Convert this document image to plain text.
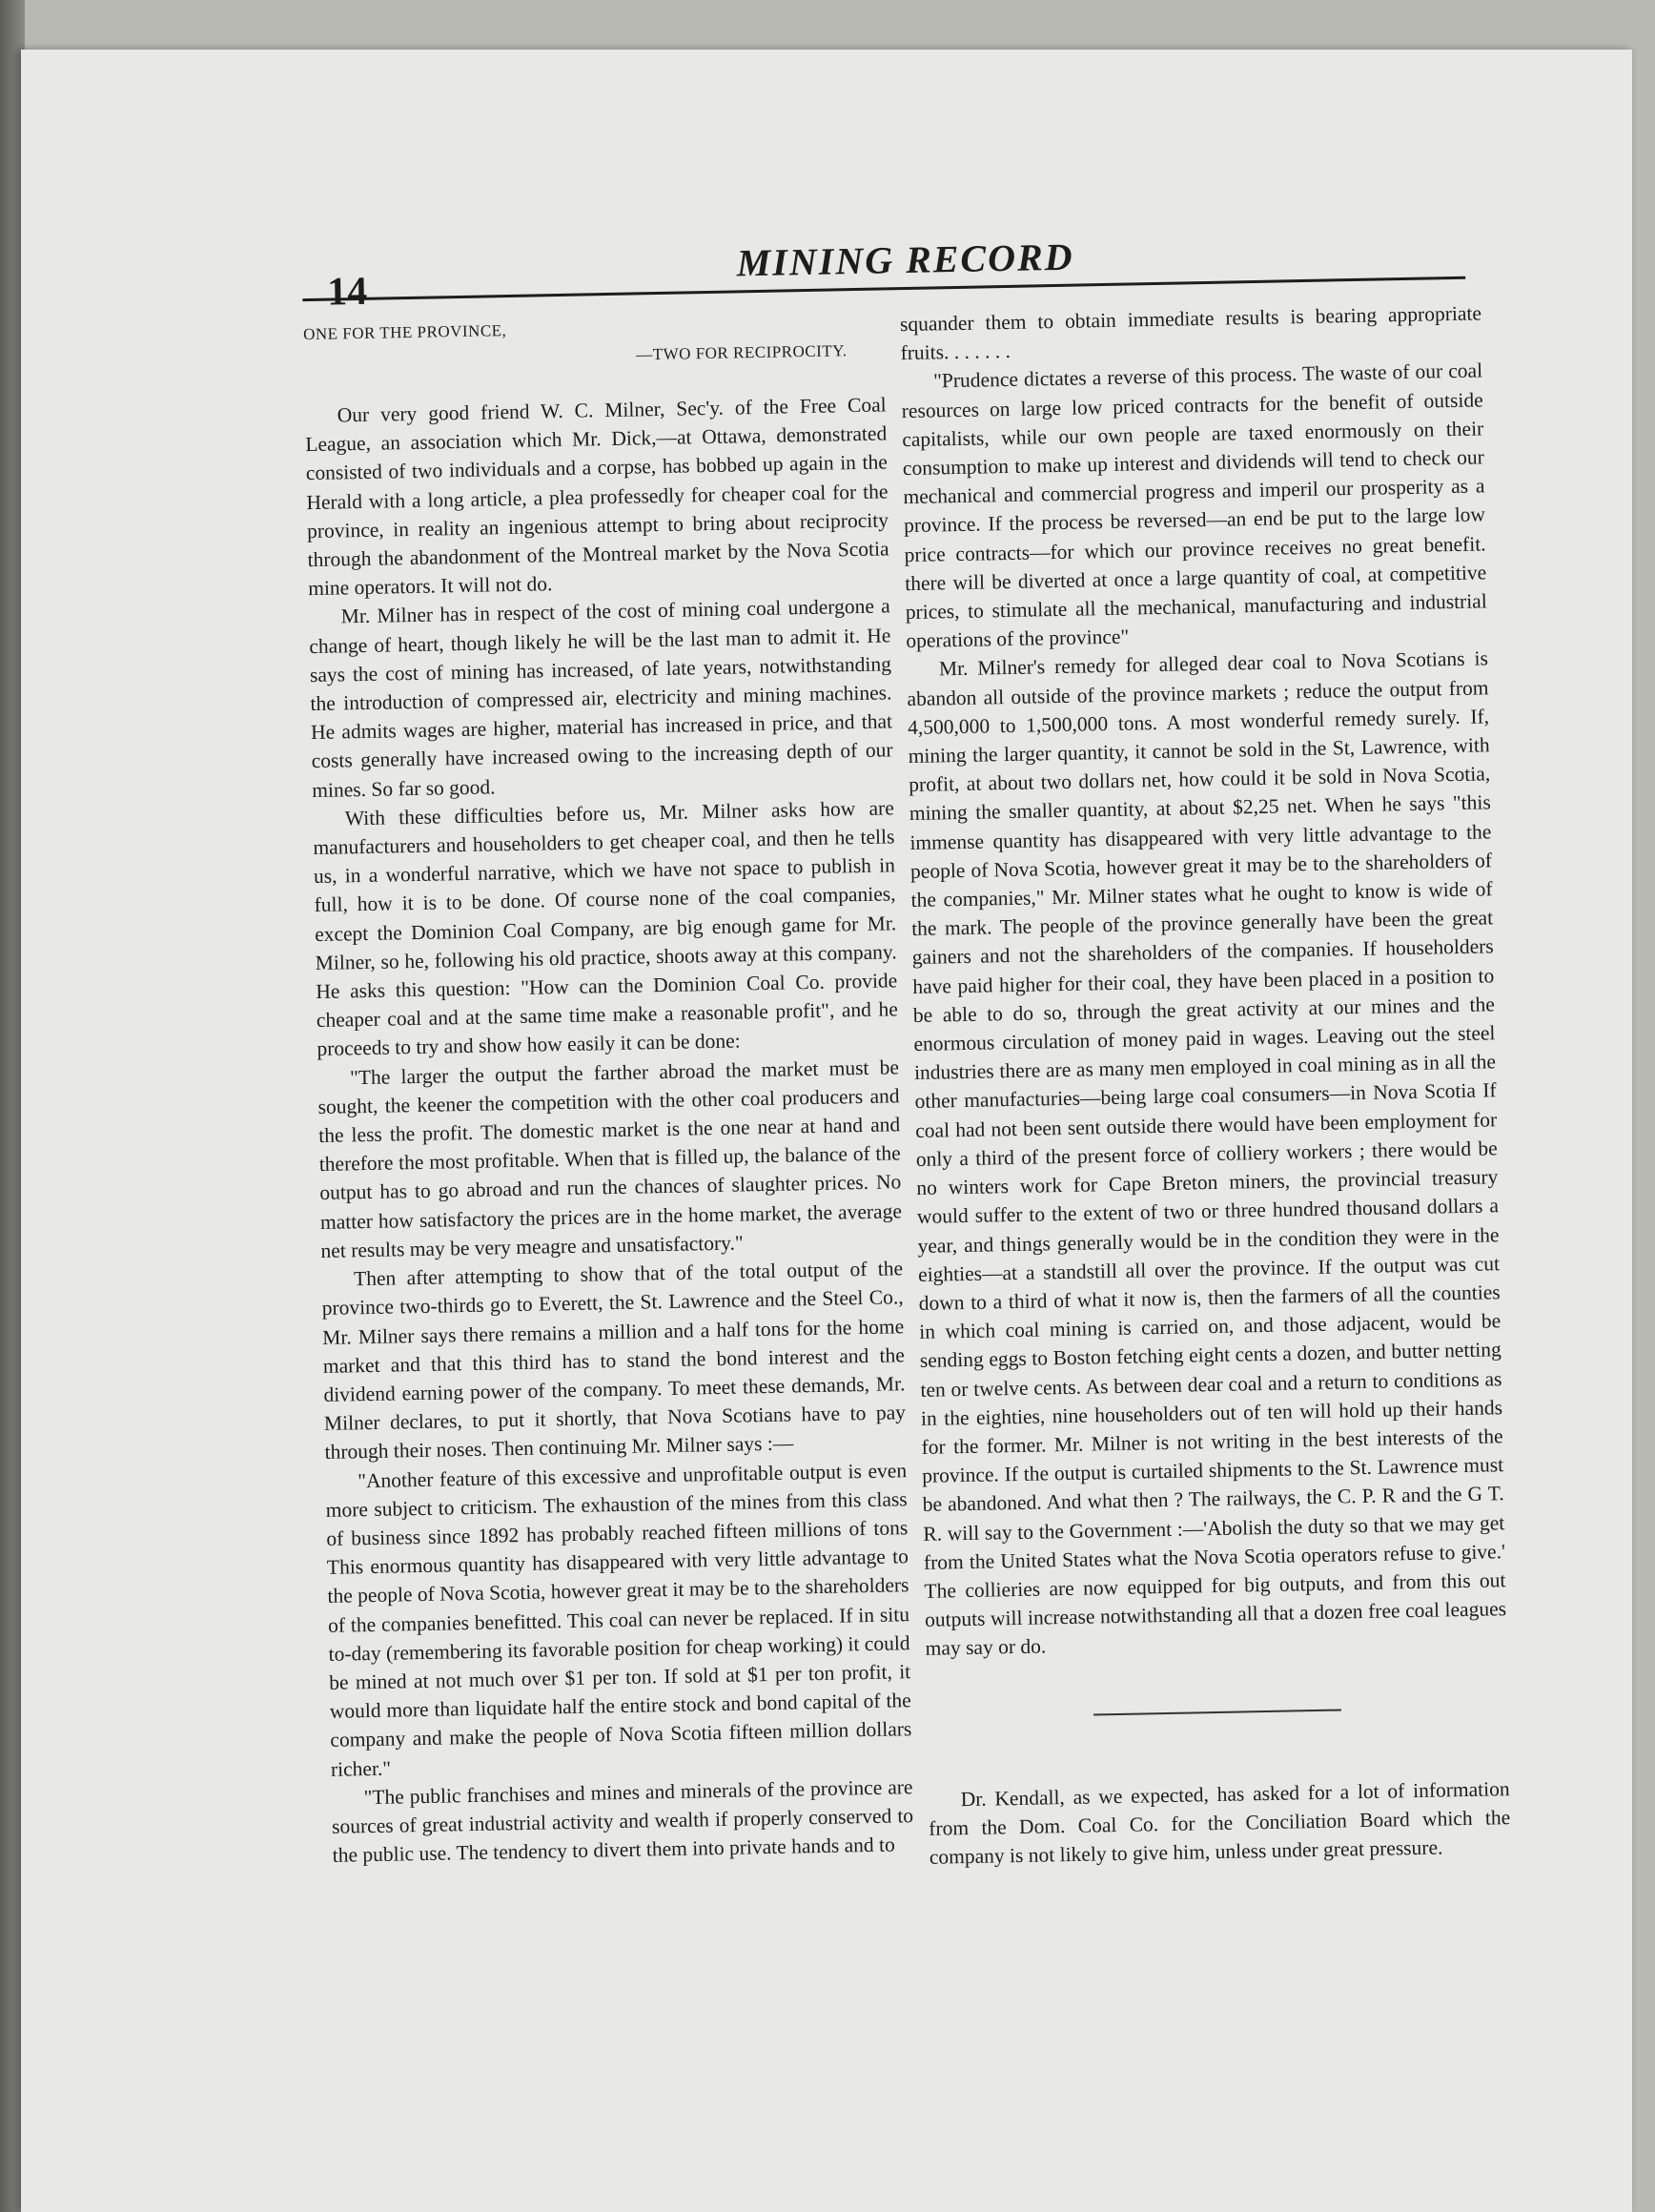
14
MINING RECORD
ONE FOR THE PROVINCE,
—TWO FOR RECIPROCITY.

Our very good friend W. C. Milner, Sec'y. of the Free Coal League, an association which Mr. Dick,—at Ottawa, demonstrated consisted of two individuals and a corpse, has bobbed up again in the Herald with a long article, a plea professedly for cheaper coal for the province, in reality an ingenious attempt to bring about reciprocity through the abandonment of the Montreal market by the Nova Scotia mine operators. It will not do.

Mr. Milner has in respect of the cost of mining coal undergone a change of heart, though likely he will be the last man to admit it. He says the cost of mining has increased, of late years, notwithstanding the introduction of compressed air, electricity and mining machines. He admits wages are higher, material has increased in price, and that costs generally have increased owing to the increasing depth of our mines. So far so good.

With these difficulties before us, Mr. Milner asks how are manufacturers and householders to get cheaper coal, and then he tells us, in a wonderful narrative, which we have not space to publish in full, how it is to be done. Of course none of the coal companies, except the Dominion Coal Company, are big enough game for Mr. Milner, so he, following his old practice, shoots away at this company. He asks this question: "How can the Dominion Coal Co. provide cheaper coal and at the same time make a reasonable profit", and he proceeds to try and show how easily it can be done:

"The larger the output the farther abroad the market must be sought, the keener the competition with the other coal producers and the less the profit. The domestic market is the one near at hand and therefore the most profitable. When that is filled up, the balance of the output has to go abroad and run the chances of slaughter prices. No matter how satisfactory the prices are in the home market, the average net results may be very meagre and unsatisfactory."

Then after attempting to show that of the total output of the province two-thirds go to Everett, the St. Lawrence and the Steel Co., Mr. Milner says there remains a million and a half tons for the home market and that this third has to stand the bond interest and the dividend earning power of the company. To meet these demands, Mr. Milner declares, to put it shortly, that Nova Scotians have to pay through their noses. Then continuing Mr. Milner says :—

"Another feature of this excessive and unprofitable output is even more subject to criticism. The exhaustion of the mines from this class of business since 1892 has probably reached fifteen millions of tons This enormous quantity has disappeared with very little advantage to the people of Nova Scotia, however great it may be to the shareholders of the companies benefitted. This coal can never be replaced. If in situ to-day (remembering its favorable position for cheap working) it could be mined at not much over $1 per ton. If sold at $1 per ton profit, it would more than liquidate half the entire stock and bond capital of the company and make the people of Nova Scotia fifteen million dollars richer."

"The public franchises and mines and minerals of the province are sources of great industrial activity and wealth if properly conserved to the public use. The tendency to divert them into private hands and to

squander them to obtain immediate results is bearing appropriate fruits. . . . . . .

"Prudence dictates a reverse of this process. The waste of our coal resources on large low priced contracts for the benefit of outside capitalists, while our own people are taxed enormously on their consumption to make up interest and dividends will tend to check our mechanical and commercial progress and imperil our prosperity as a province. If the process be reversed—an end be put to the large low price contracts—for which our province receives no great benefit. there will be diverted at once a large quantity of coal, at competitive prices, to stimulate all the mechanical, manufacturing and industrial operations of the province"

Mr. Milner's remedy for alleged dear coal to Nova Scotians is abandon all outside of the province markets ; reduce the output from 4,500,000 to 1,500,000 tons. A most wonderful remedy surely. If, mining the larger quantity, it cannot be sold in the St, Lawrence, with profit, at about two dollars net, how could it be sold in Nova Scotia, mining the smaller quantity, at about $2,25 net. When he says "this immense quantity has disappeared with very little advantage to the people of Nova Scotia, however great it may be to the shareholders of the companies," Mr. Milner states what he ought to know is wide of the mark. The people of the province generally have been the great gainers and not the shareholders of the companies. If householders have paid higher for their coal, they have been placed in a position to be able to do so, through the great activity at our mines and the enormous circulation of money paid in wages. Leaving out the steel industries there are as many men employed in coal mining as in all the other manufacturies—being large coal consumers—in Nova Scotia If coal had not been sent outside there would have been employment for only a third of the present force of colliery workers ; there would be no winters work for Cape Breton miners, the provincial treasury would suffer to the extent of two or three hundred thousand dollars a year, and things generally would be in the condition they were in the eighties—at a standstill all over the province. If the output was cut down to a third of what it now is, then the farmers of all the counties in which coal mining is carried on, and those adjacent, would be sending eggs to Boston fetching eight cents a dozen, and butter netting ten or twelve cents. As between dear coal and a return to conditions as in the eighties, nine householders out of ten will hold up their hands for the former. Mr. Milner is not writing in the best interests of the province. If the output is curtailed shipments to the St. Lawrence must be abandoned. And what then ? The railways, the C. P. R and the G T. R. will say to the Government :—'Abolish the duty so that we may get from the United States what the Nova Scotia operators refuse to give.' The collieries are now equipped for big outputs, and from this out outputs will increase notwithstanding all that a dozen free coal leagues may say or do.

Dr. Kendall, as we expected, has asked for a lot of information from the Dom. Coal Co. for the Conciliation Board which the company is not likely to give him, unless under great pressure.
